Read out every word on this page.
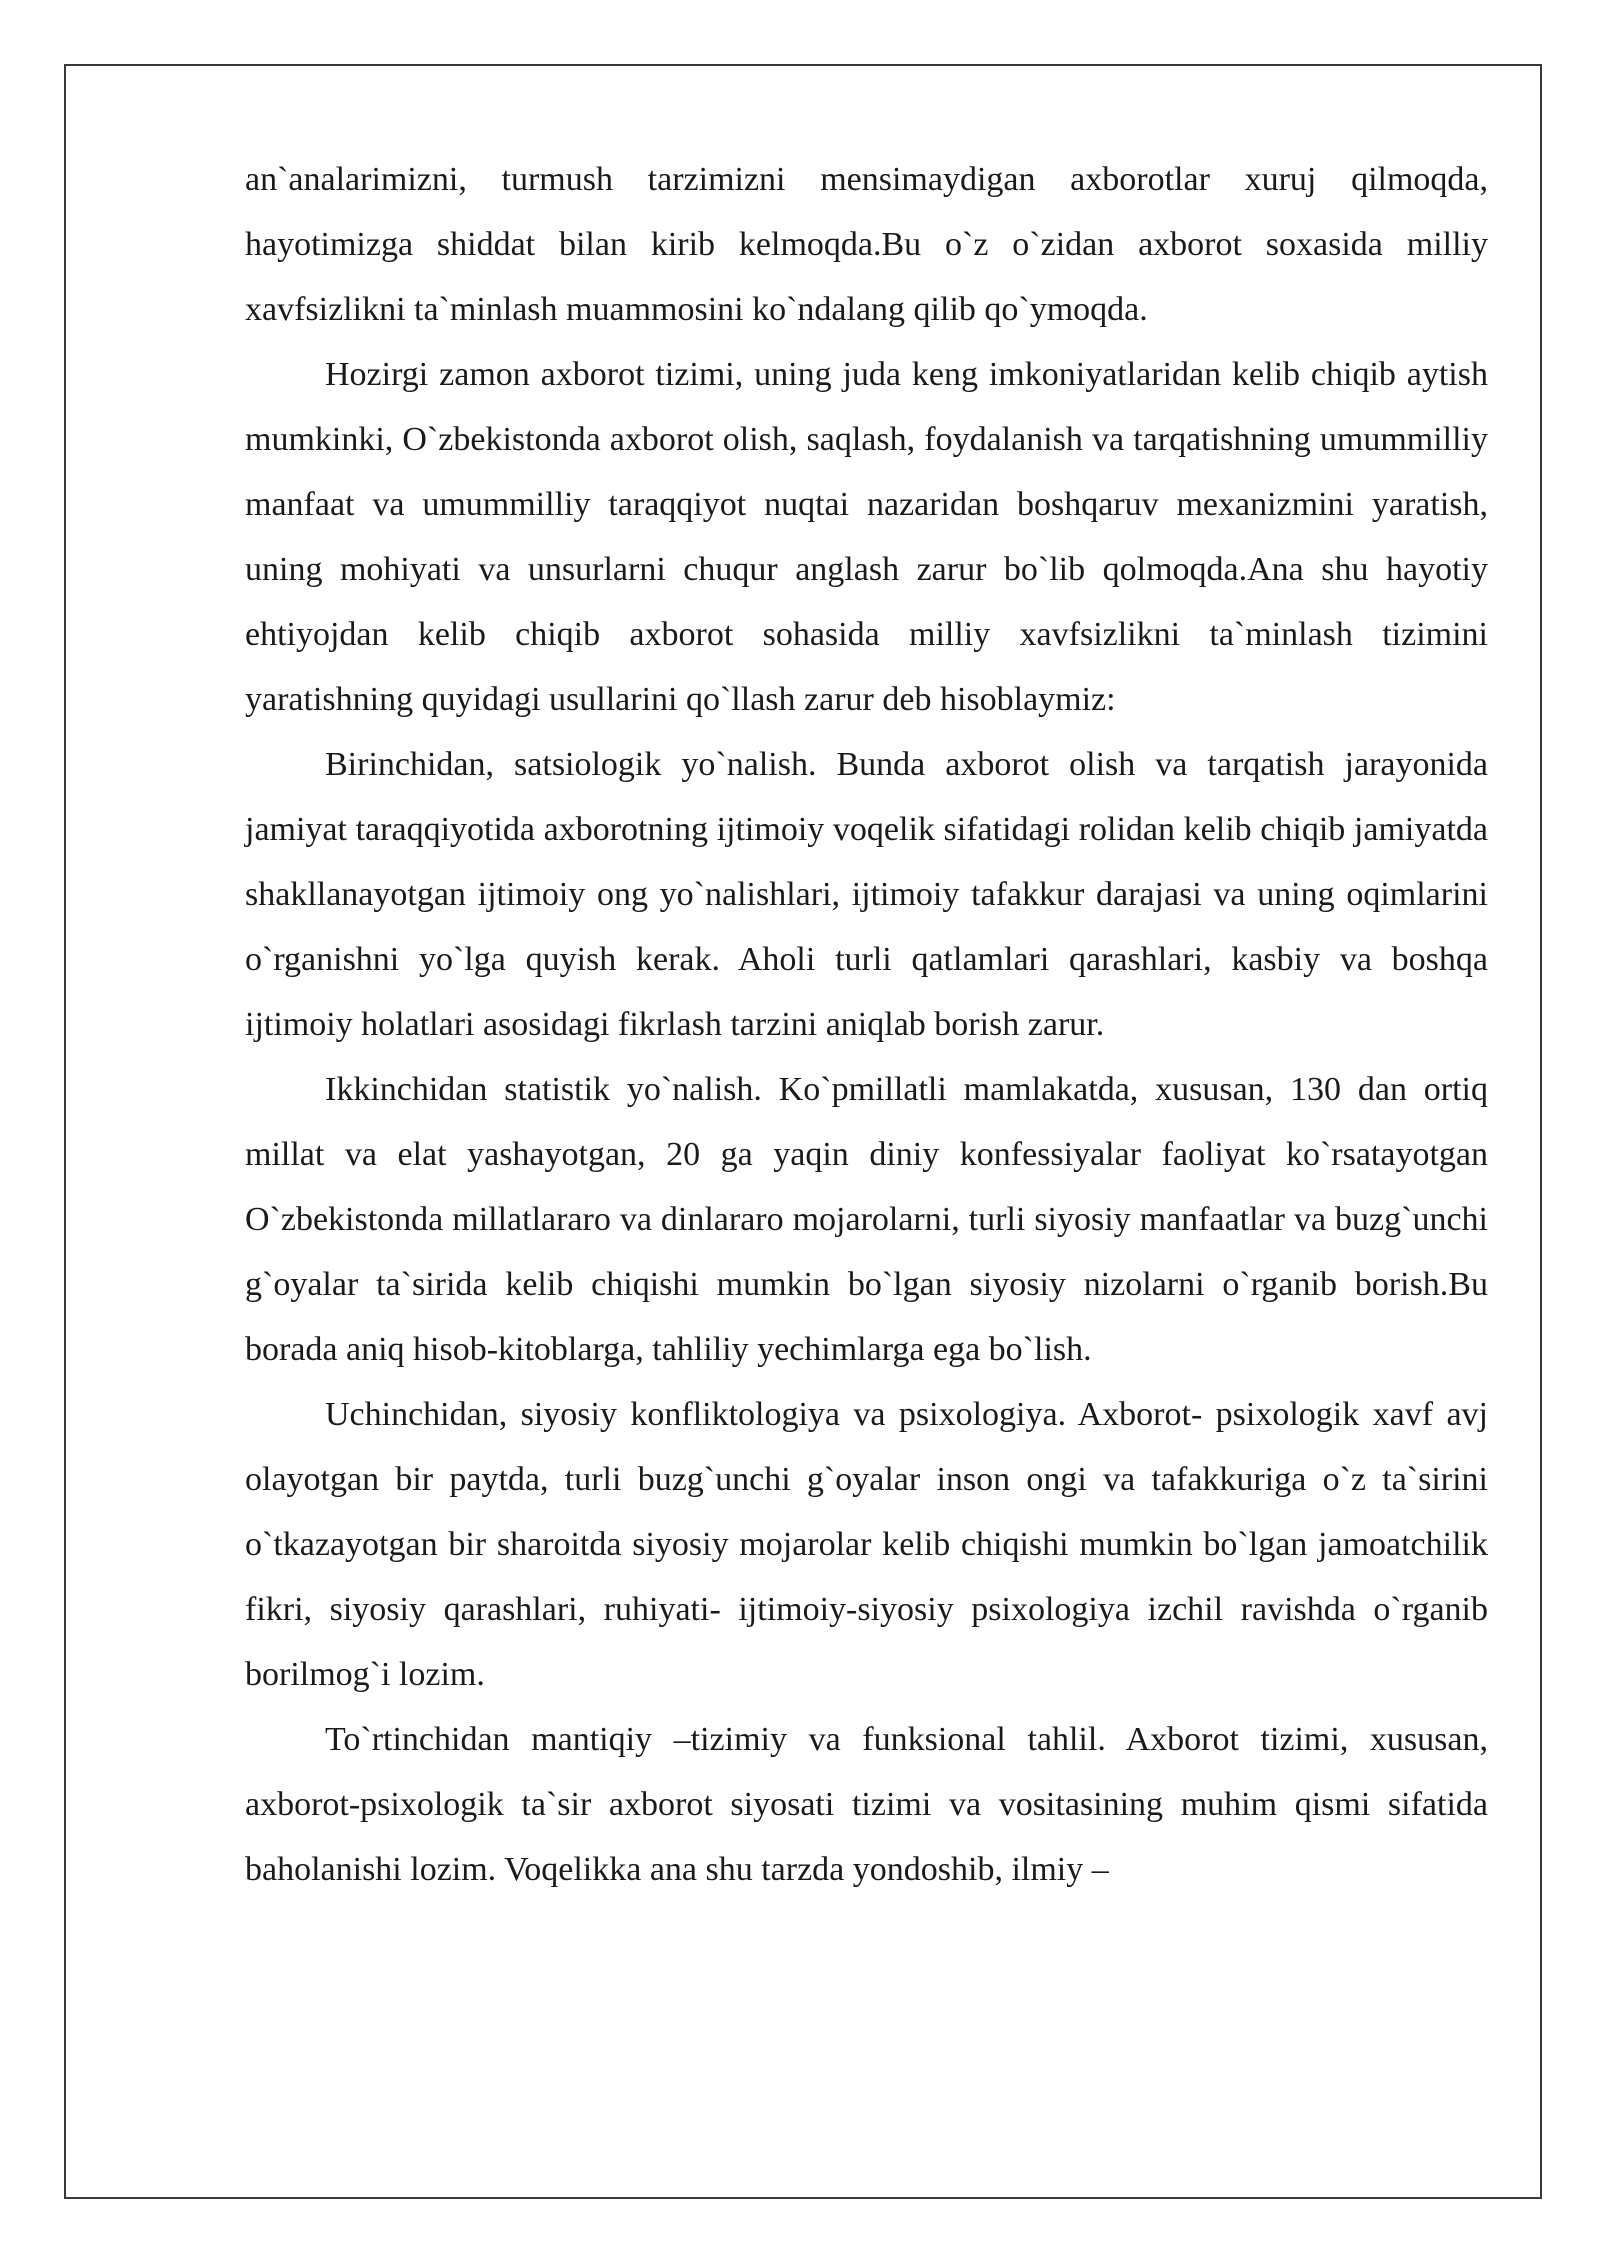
an`analarimizni, turmush tarzimizni mensimaydigan axborotlar xuruj qilmoqda, hayotimizga shiddat bilan kirib kelmoqda.Bu o`z o`zidan axborot soxasida milliy xavfsizlikni ta`minlash muammosini ko`ndalang qilib qo`ymoqda.

Hozirgi zamon axborot tizimi, uning juda keng imkoniyatlaridan kelib chiqib aytish mumkinki, O`zbekistonda axborot olish, saqlash, foydalanish va tarqatishning umummilliy manfaat va umummilliy taraqqiyot nuqtai nazaridan boshqaruv mexanizmini yaratish, uning mohiyati va unsurlarni chuqur anglash zarur bo`lib qolmoqda.Ana shu hayotiy ehtiyojdan kelib chiqib axborot sohasida milliy xavfsizlikni ta`minlash tizimini yaratishning quyidagi usullarini qo`llash zarur deb hisoblaymiz:

Birinchidan, satsiologik yo`nalish. Bunda axborot olish va tarqatish jarayonida jamiyat taraqqiyotida axborotning ijtimoiy voqelik sifatidagi rolidan kelib chiqib jamiyatda shakllanayotgan ijtimoiy ong yo`nalishlari, ijtimoiy tafakkur darajasi va uning oqimlarini o`rganishni yo`lga quyish kerak. Aholi turli qatlamlari qarashlari, kasbiy va boshqa ijtimoiy holatlari asosidagi fikrlash tarzini aniqlab borish zarur.

Ikkinchidan statistik yo`nalish. Ko`pmillatli mamlakatda, xususan, 130 dan ortiq millat va elat yashayotgan, 20 ga yaqin diniy konfessiyalar faoliyat ko`rsatayotgan O`zbekistonda millatlararo va dinlararo mojarolarni, turli siyosiy manfaatlar va buzg`unchi g`oyalar ta`sirida kelib chiqishi mumkin bo`lgan siyosiy nizolarni o`rganib borish.Bu borada aniq hisob-kitoblarga, tahliliy yechimlarga ega bo`lish.

Uchinchidan, siyosiy konfliktologiya va psixologiya. Axborot- psixologik xavf avj olayotgan bir paytda, turli buzg`unchi g`oyalar inson ongi va tafakkuriga o`z ta`sirini o`tkazayotgan bir sharoitda siyosiy mojarolar kelib chiqishi mumkin bo`lgan jamoatchilik fikri, siyosiy qarashlari, ruhiyati- ijtimoiy-siyosiy psixologiya izchil ravishda o`rganib borilmog`i lozim.

To`rtinchidan mantiqiy –tizimiy va funksional tahlil. Axborot tizimi, xususan, axborot-psixologik ta`sir axborot siyosati tizimi va vositasining muhim qismi sifatida baholanishi lozim. Voqelikka ana shu tarzda yondoshib, ilmiy –
